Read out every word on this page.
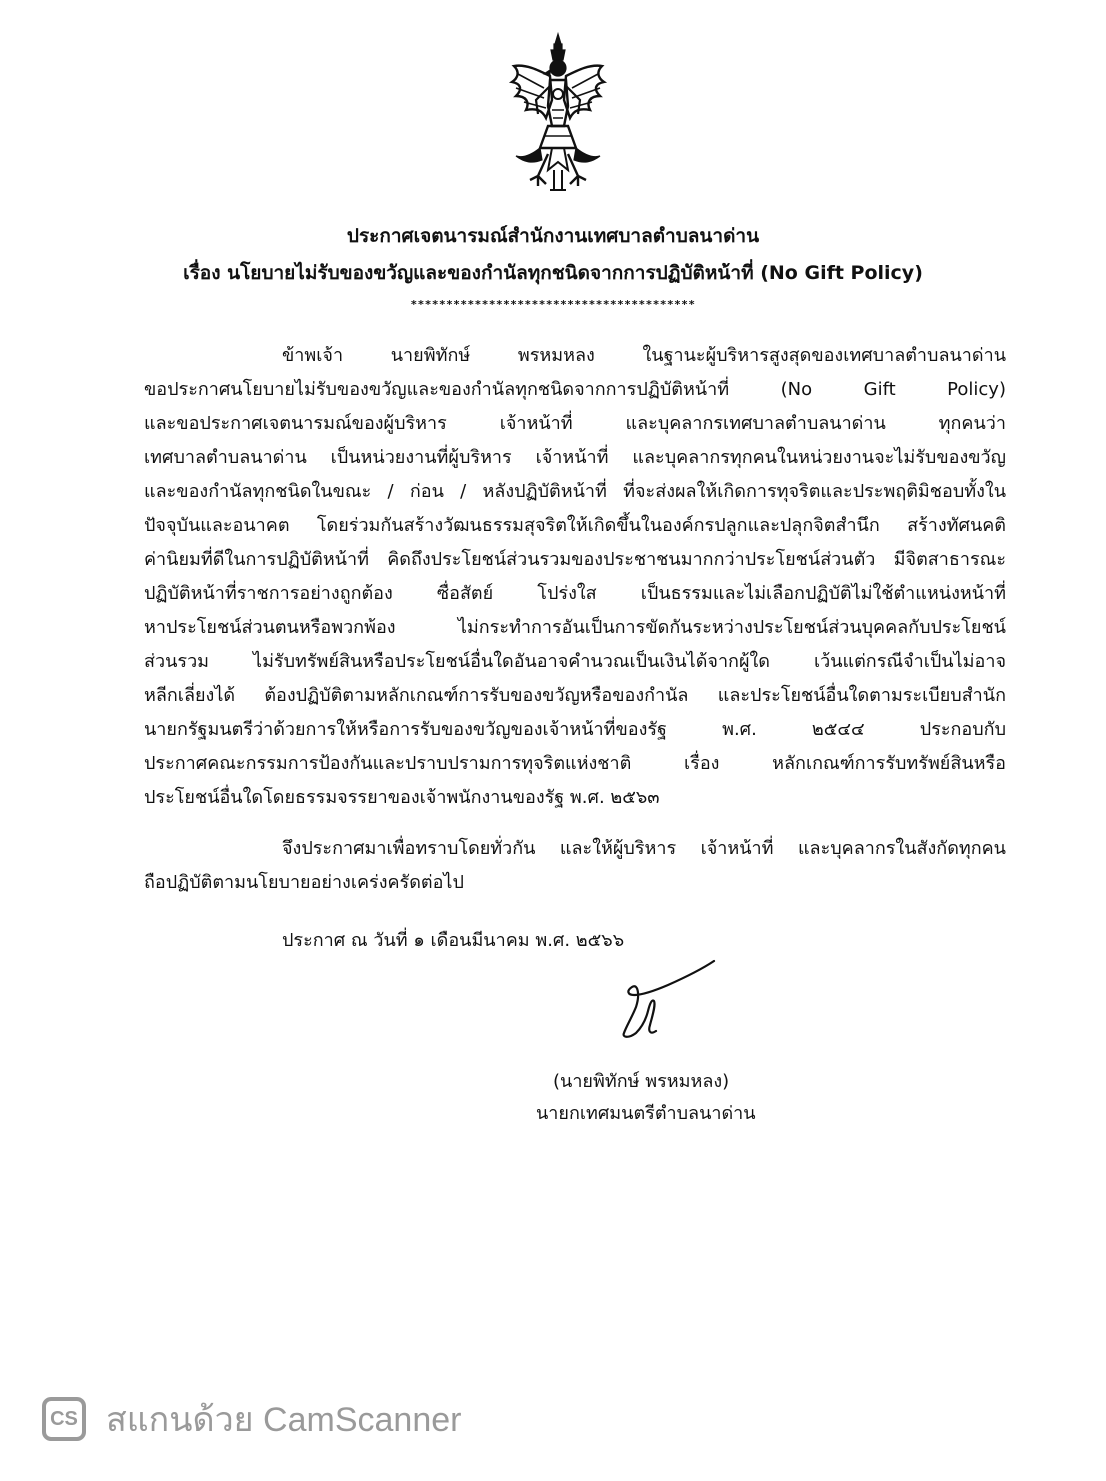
ประกาศเจตนารมณ์สำนักงานเทศบาลตำบลนาด่าน
เรื่อง นโยบายไม่รับของขวัญและของกำนัลทุกชนิดจากการปฏิบัติหน้าที่ (No Gift Policy)
****************************************
ข้าพเจ้า นายพิทักษ์ พรหมหลง ในฐานะผู้บริหารสูงสุดของเทศบาลตำบลนาด่าน
ขอประกาศนโยบายไม่รับของขวัญและของกำนัลทุกชนิดจากการปฏิบัติหน้าที่ (No Gift Policy)
และขอประกาศเจตนารมณ์ของผู้บริหาร เจ้าหน้าที่ และบุคลากรเทศบาลตำบลนาด่าน ทุกคนว่า
เทศบาลตำบลนาด่าน เป็นหน่วยงานที่ผู้บริหาร เจ้าหน้าที่ และบุคลากรทุกคนในหน่วยงานจะไม่รับของขวัญ
และของกำนัลทุกชนิดในขณะ / ก่อน / หลังปฏิบัติหน้าที่ ที่จะส่งผลให้เกิดการทุจริตและประพฤติมิชอบทั้งใน
ปัจจุบันและอนาคต โดยร่วมกันสร้างวัฒนธรรมสุจริตให้เกิดขึ้นในองค์กรปลูกและปลุกจิตสำนึก สร้างทัศนคติ
ค่านิยมที่ดีในการปฏิบัติหน้าที่ คิดถึงประโยชน์ส่วนรวมของประชาชนมากกว่าประโยชน์ส่วนตัว มีจิตสาธารณะ
ปฏิบัติหน้าที่ราชการอย่างถูกต้อง ซื่อสัตย์ โปร่งใส เป็นธรรมและไม่เลือกปฏิบัติไม่ใช้ตำแหน่งหน้าที่
หาประโยชน์ส่วนตนหรือพวกพ้อง ไม่กระทำการอันเป็นการขัดกันระหว่างประโยชน์ส่วนบุคคลกับประโยชน์
ส่วนรวม ไม่รับทรัพย์สินหรือประโยชน์อื่นใดอันอาจคำนวณเป็นเงินได้จากผู้ใด เว้นแต่กรณีจำเป็นไม่อาจ
หลีกเลี่ยงได้ ต้องปฏิบัติตามหลักเกณฑ์การรับของขวัญหรือของกำนัล และประโยชน์อื่นใดตามระเบียบสำนัก
นายกรัฐมนตรีว่าด้วยการให้หรือการรับของขวัญของเจ้าหน้าที่ของรัฐ พ.ศ. ๒๕๔๔ ประกอบกับ
ประกาศคณะกรรมการป้องกันและปราบปรามการทุจริตแห่งชาติ เรื่อง หลักเกณฑ์การรับทรัพย์สินหรือ
ประโยชน์อื่นใดโดยธรรมจรรยาของเจ้าพนักงานของรัฐ พ.ศ. ๒๕๖๓
จึงประกาศมาเพื่อทราบโดยทั่วกัน และให้ผู้บริหาร เจ้าหน้าที่ และบุคลากรในสังกัดทุกคน
ถือปฏิบัติตามนโยบายอย่างเคร่งครัดต่อไป
ประกาศ ณ วันที่ ๑ เดือนมีนาคม พ.ศ. ๒๕๖๖
(นายพิทักษ์ พรหมหลง)
นายกเทศมนตรีตำบลนาด่าน
CS สแกนด้วย CamScanner
